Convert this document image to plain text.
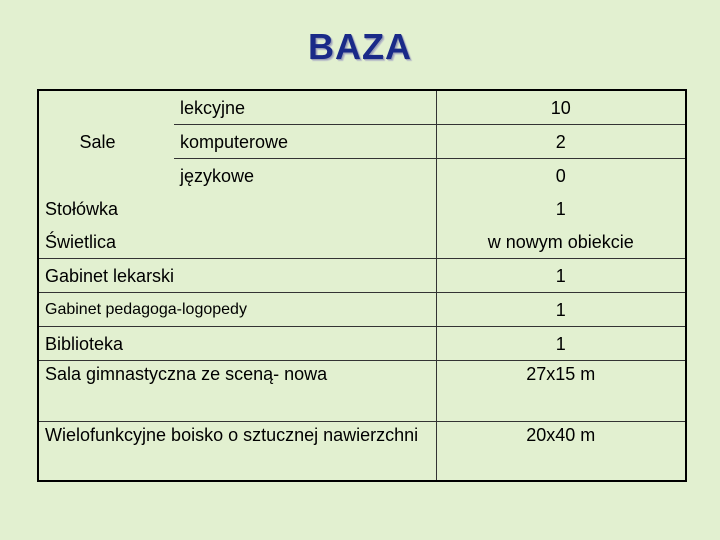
BAZA
Sale	lekcyjne	10
	komputerowe	2
	językowe	0
Stołówka		1
Świetlica		w nowym obiekcie
Gabinet lekarski		1
Gabinet pedagoga-logopedy		1
Biblioteka		1
Sala gimnastyczna ze sceną- nowa		27x15 m
Wielofunkcyjne boisko o sztucznej nawierzchni		20x40 m
